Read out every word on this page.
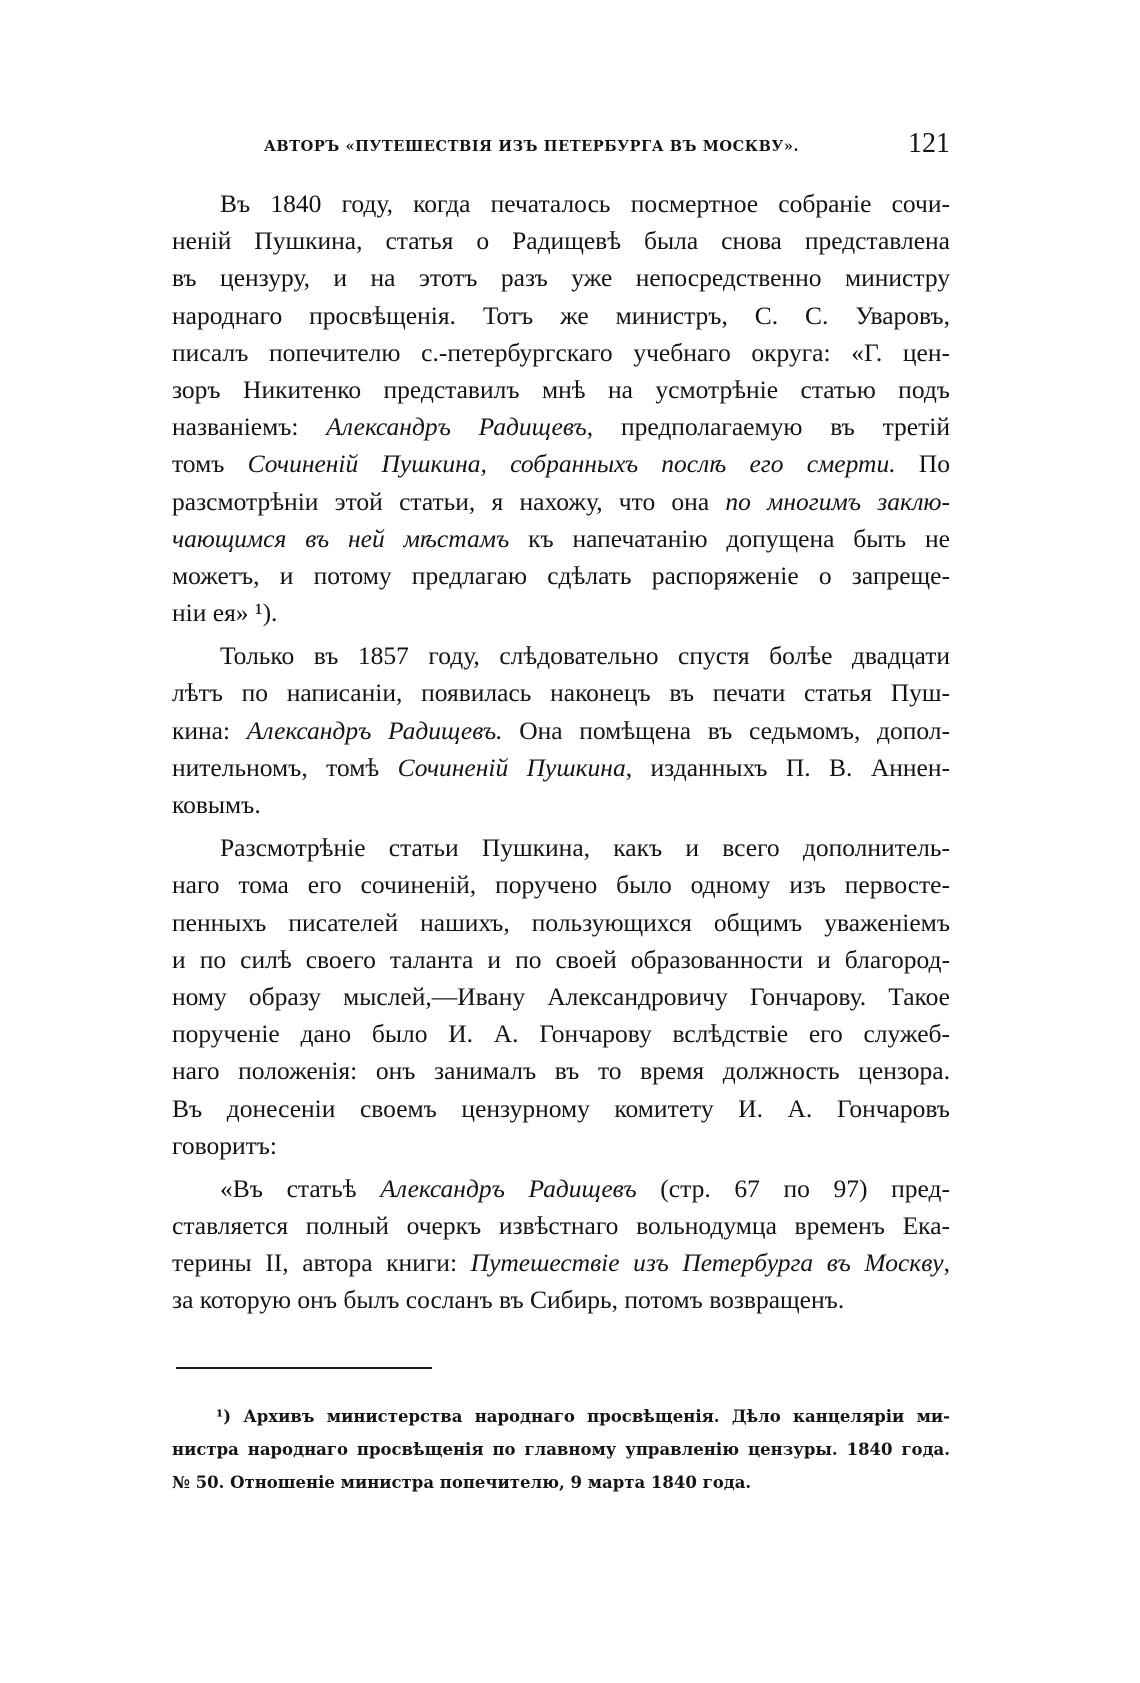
АВТОРЪ «ПУТЕШЕСТВІЯ ИЗЪ ПЕТЕРБУРГА ВЪ МОСКВУ».	121
Въ 1840 году, когда печаталось посмертное собраніе сочи-
неній Пушкина, статья о Радищевѣ была снова представлена
въ цензуру, и на этотъ разъ уже непосредственно министру
народнаго просвѣщенія. Тотъ же министръ, С. С. Уваровъ,
писалъ попечителю с.-петербургскаго учебнаго округа: «Г. цен-
зоръ Никитенко представилъ мнѣ на усмотрѣніе статью подъ
названіемъ: Александръ Радищевъ, предполагаемую въ третій
томъ Сочиненій Пушкина, собранныхъ послѣ его смерти. По
разсмотрѣніи этой статьи, я нахожу, что она по многимъ заклю-
чающимся въ ней мѣстамъ къ напечатанію допущена быть не
можетъ, и потому предлагаю сдѣлать распоряженіе о запреще-
ніи ея» ¹).
Только въ 1857 году, слѣдовательно спустя болѣе двадцати
лѣтъ по написаніи, появилась наконецъ въ печати статья Пуш-
кина: Александръ Радищевъ. Она помѣщена въ седьмомъ, допол-
нительномъ, томѣ Сочиненій Пушкина, изданныхъ П. В. Аннен-
ковымъ.
Разсмотрѣніе статьи Пушкина, какъ и всего дополнитель-
наго тома его сочиненій, поручено было одному изъ первосте-
пенныхъ писателей нашихъ, пользующихся общимъ уваженіемъ
и по силѣ своего таланта и по своей образованности и благород-
ному образу мыслей,—Ивану Александровичу Гончарову. Такое
порученіе дано было И. А. Гончарову вслѣдствіе его служеб-
наго положенія: онъ занималъ въ то время должность цензора.
Въ донесеніи своемъ цензурному комитету И. А. Гончаровъ
говоритъ:
«Въ статьѣ Александръ Радищевъ (стр. 67 по 97) пред-
ставляется полный очеркъ извѣстнаго вольнодумца временъ Ека-
терины II, автора книги: Путешествіе изъ Петербурга въ Москву,
за которую онъ былъ сосланъ въ Сибирь, потомъ возвращенъ.
¹) Архивъ министерства народнаго просвѣщенія. Дѣло канцеляріи ми-
нистра народнаго просвѣщенія по главному управленію цензуры. 1840 года.
№ 50. Отношеніе министра попечителю, 9 марта 1840 года.
